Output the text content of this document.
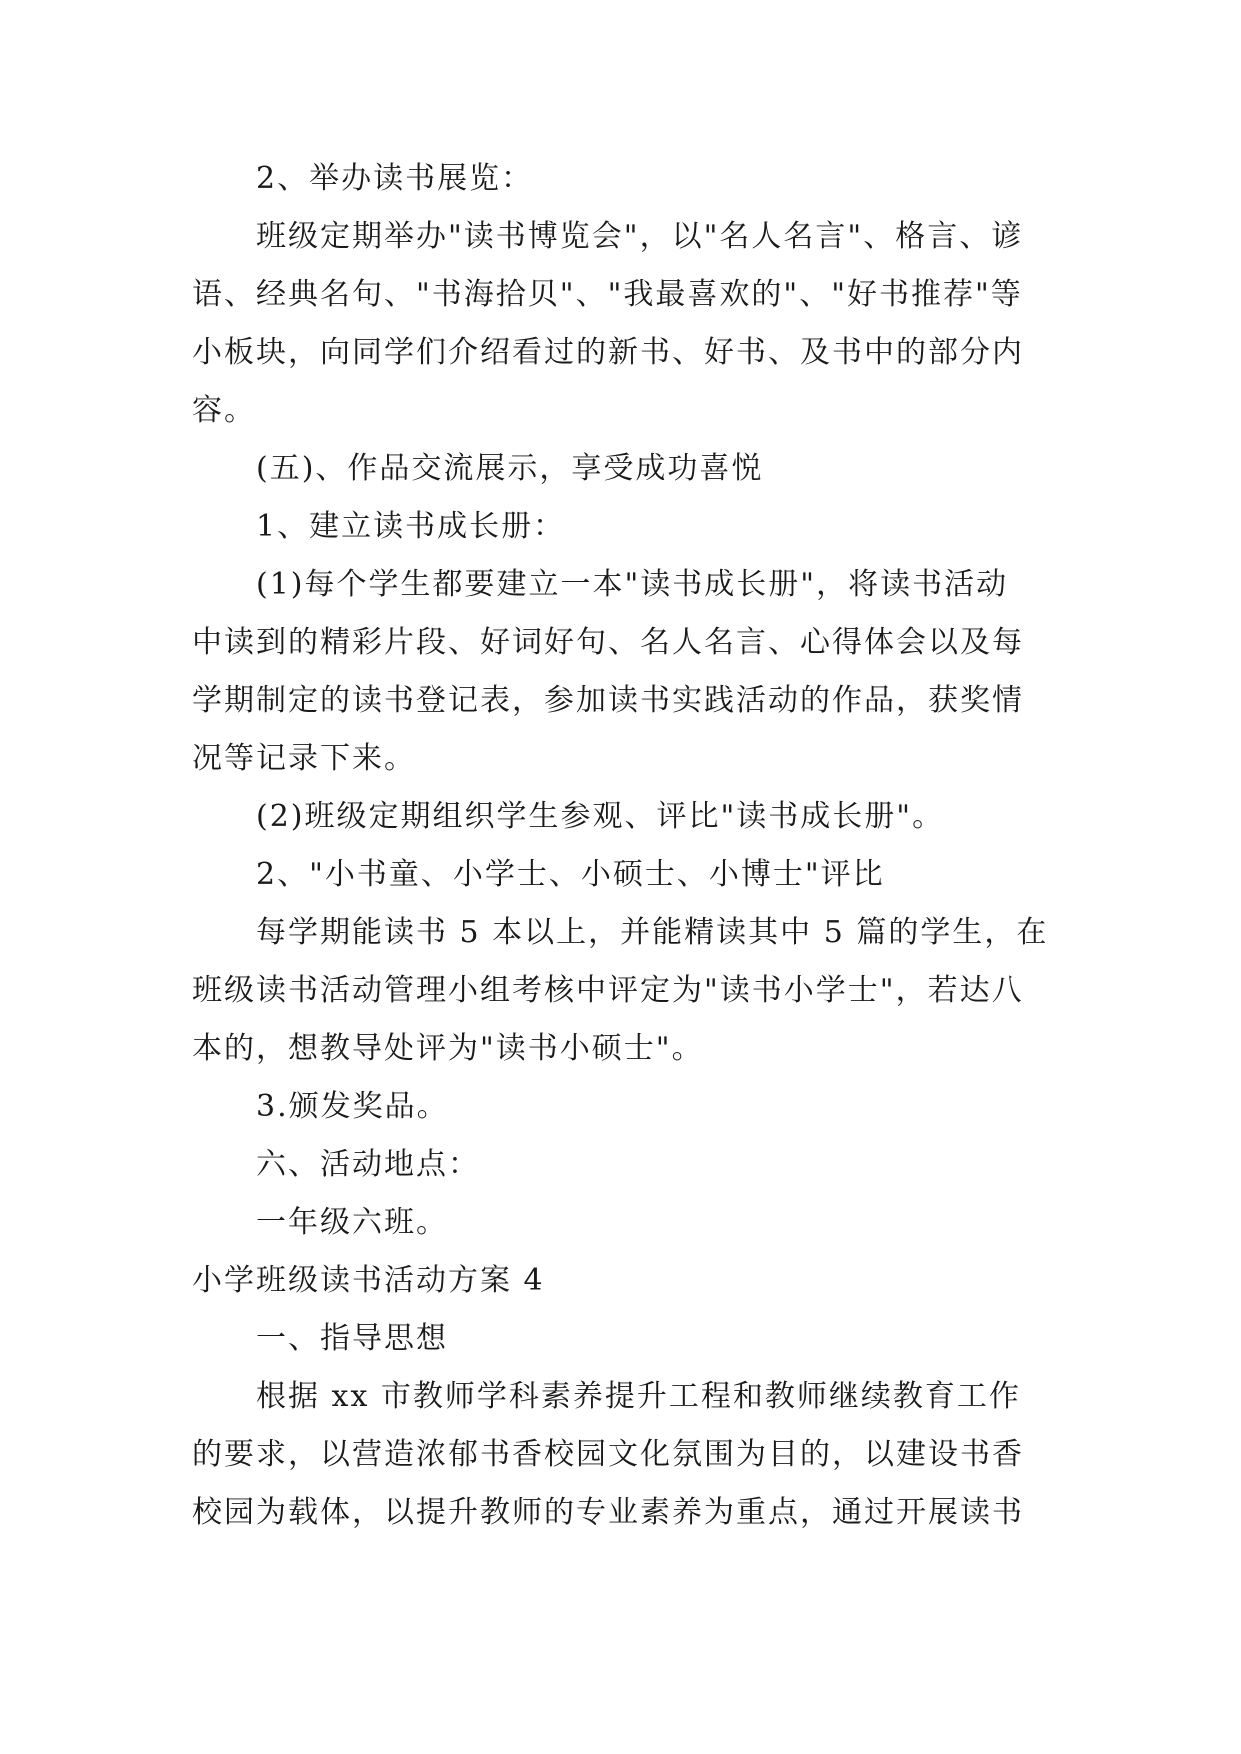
2、举办读书展览：
班级定期举办"读书博览会"，以"名人名言"、格言、谚
语、经典名句、"书海拾贝"、"我最喜欢的"、"好书推荐"等
小板块，向同学们介绍看过的新书、好书、及书中的部分内
容。
(五)、作品交流展示，享受成功喜悦
1、建立读书成长册：
(1)每个学生都要建立一本"读书成长册"，将读书活动
中读到的精彩片段、好词好句、名人名言、心得体会以及每
学期制定的读书登记表，参加读书实践活动的作品，获奖情
况等记录下来。
(2)班级定期组织学生参观、评比"读书成长册"。
2、"小书童、小学士、小硕士、小博士"评比
每学期能读书 5 本以上，并能精读其中 5 篇的学生，在
班级读书活动管理小组考核中评定为"读书小学士"，若达八
本的，想教导处评为"读书小硕士"。
3.颁发奖品。
六、活动地点：
一年级六班。
小学班级读书活动方案 4
一、指导思想
根据 xx 市教师学科素养提升工程和教师继续教育工作
的要求，以营造浓郁书香校园文化氛围为目的，以建设书香
校园为载体，以提升教师的专业素养为重点，通过开展读书
